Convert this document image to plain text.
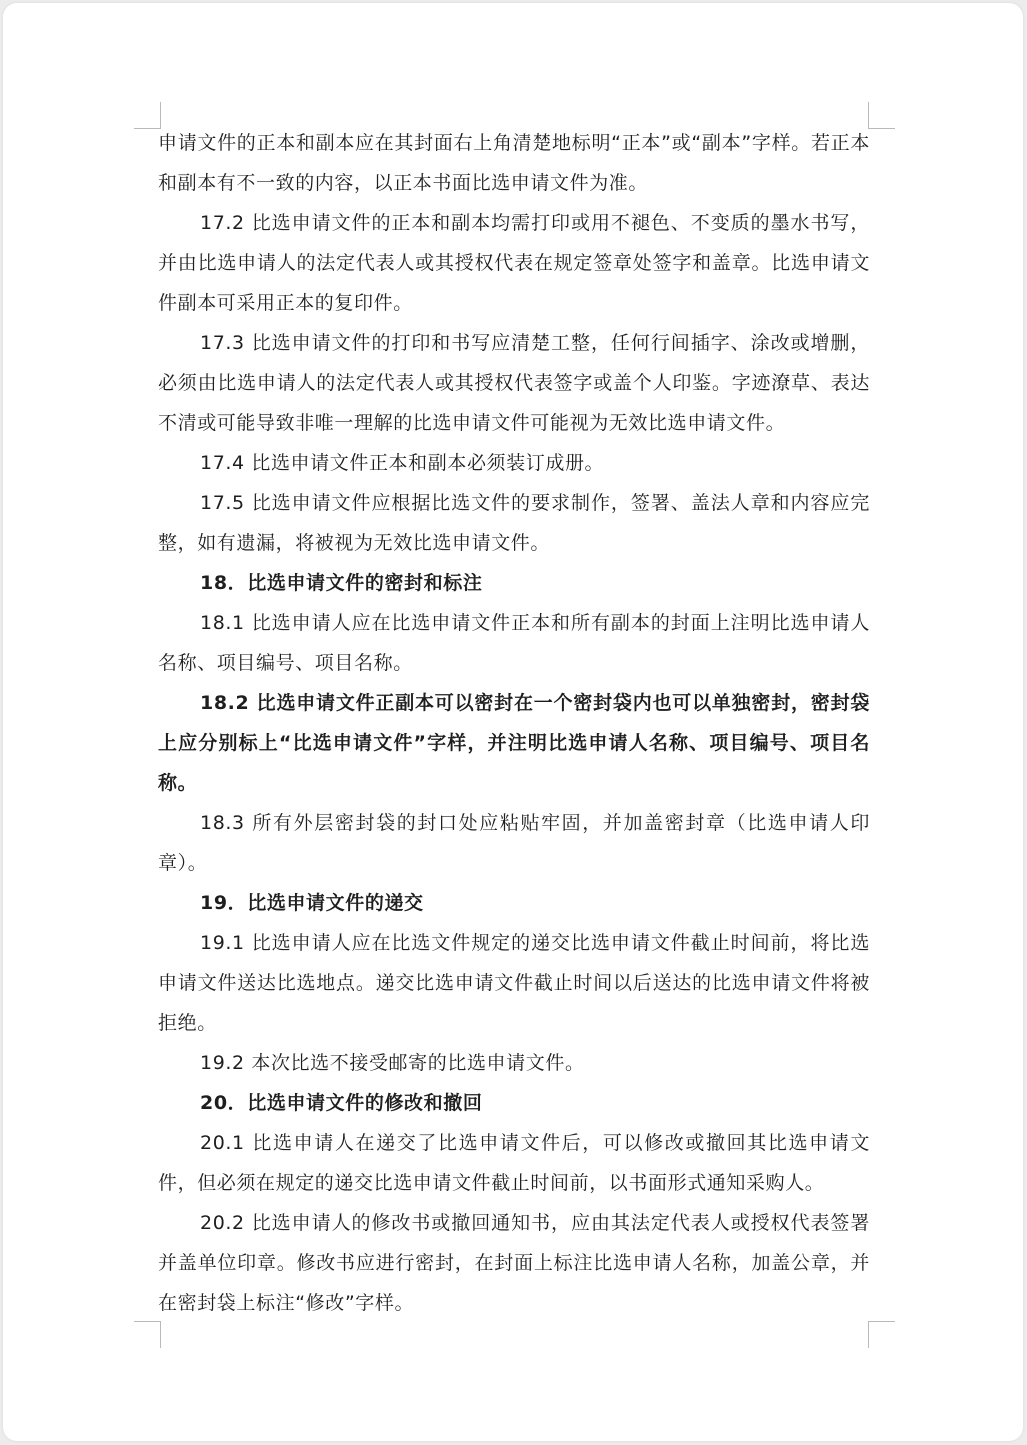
申请文件的正本和副本应在其封面右上角清楚地标明“正本”或“副本”字样。若正本和副本有不一致的内容，以正本书面比选申请文件为准。

17.2 比选申请文件的正本和副本均需打印或用不褪色、不变质的墨水书写，并由比选申请人的法定代表人或其授权代表在规定签章处签字和盖章。比选申请文件副本可采用正本的复印件。

17.3 比选申请文件的打印和书写应清楚工整，任何行间插字、涂改或增删，必须由比选申请人的法定代表人或其授权代表签字或盖个人印鉴。字迹潦草、表达不清或可能导致非唯一理解的比选申请文件可能视为无效比选申请文件。

17.4 比选申请文件正本和副本必须装订成册。

17.5 比选申请文件应根据比选文件的要求制作，签署、盖法人章和内容应完整，如有遗漏，将被视为无效比选申请文件。

18．比选申请文件的密封和标注

18.1 比选申请人应在比选申请文件正本和所有副本的封面上注明比选申请人名称、项目编号、项目名称。

18.2 比选申请文件正副本可以密封在一个密封袋内也可以单独密封，密封袋上应分别标上“比选申请文件”字样，并注明比选申请人名称、项目编号、项目名称。

18.3 所有外层密封袋的封口处应粘贴牢固，并加盖密封章（比选申请人印章）。

19．比选申请文件的递交

19.1 比选申请人应在比选文件规定的递交比选申请文件截止时间前，将比选申请文件送达比选地点。递交比选申请文件截止时间以后送达的比选申请文件将被拒绝。

19.2 本次比选不接受邮寄的比选申请文件。

20．比选申请文件的修改和撤回

20.1 比选申请人在递交了比选申请文件后，可以修改或撤回其比选申请文件，但必须在规定的递交比选申请文件截止时间前，以书面形式通知采购人。

20.2 比选申请人的修改书或撤回通知书，应由其法定代表人或授权代表签署并盖单位印章。修改书应进行密封，在封面上标注比选申请人名称，加盖公章，并在密封袋上标注“修改”字样。
